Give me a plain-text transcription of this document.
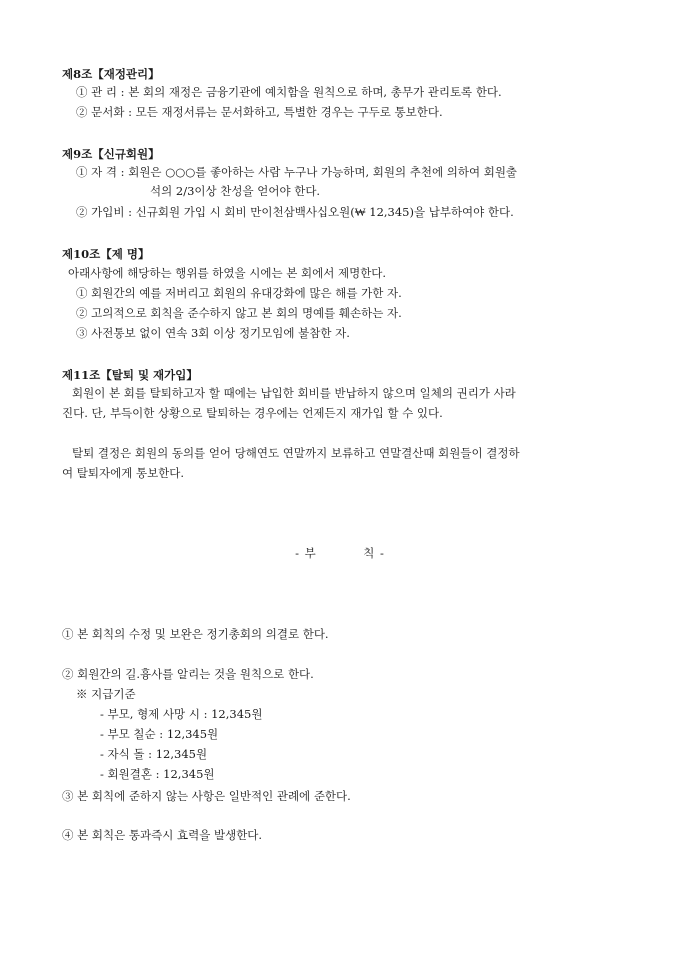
제8조【재정관리】
① 관 리 : 본 회의 재정은 금융기관에 예치함을 원칙으로 하며, 총무가 관리토록 한다.
② 문서화 : 모든 재정서류는 문서화하고, 특별한 경우는 구두로 통보한다.
제9조【신규회원】
① 자 격 : 회원은 ○○○를 좋아하는 사람 누구나 가능하며, 회원의 추천에 의하여 회원출
석의 2/3이상 찬성을 얻어야 한다.
② 가입비 : 신규회원 가입 시 회비 만이천삼백사십오원(₩ 12,345)을 납부하여야 한다.
제10조【제 명】
아래사항에 해당하는 행위를 하였을 시에는 본 회에서 제명한다.
① 회원간의 예를 저버리고 회원의 유대강화에 많은 해를 가한 자.
② 고의적으로 회칙을 준수하지 않고 본 회의 명예를 훼손하는 자.
③ 사전통보 없이 연속 3회 이상 정기모임에 불참한 자.
제11조【탈퇴 및 재가입】
회원이 본 회를 탈퇴하고자 할 때에는 납입한 회비를 반납하지 않으며 일체의 권리가 사라
진다. 단, 부득이한 상황으로 탈퇴하는 경우에는 언제든지 재가입 할 수 있다.
탈퇴 결정은 회원의 동의를 얻어 당해연도 연말까지 보류하고 연말결산때 회원들이 결정하
여 탈퇴자에게 통보한다.
- 부          칙 -
① 본 회칙의 수정 및 보완은 정기총회의 의결로 한다.
② 회원간의 길.흉사를 알리는 것을 원칙으로 한다.
※ 지급기준
- 부모, 형제 사망 시 : 12,345원
- 부모 칠순 : 12,345원
- 자식 돌 : 12,345원
- 회원결혼 : 12,345원
③ 본 회칙에 준하지 않는 사항은 일반적인 관례에 준한다.
④ 본 회칙은 통과즉시 효력을 발생한다.
